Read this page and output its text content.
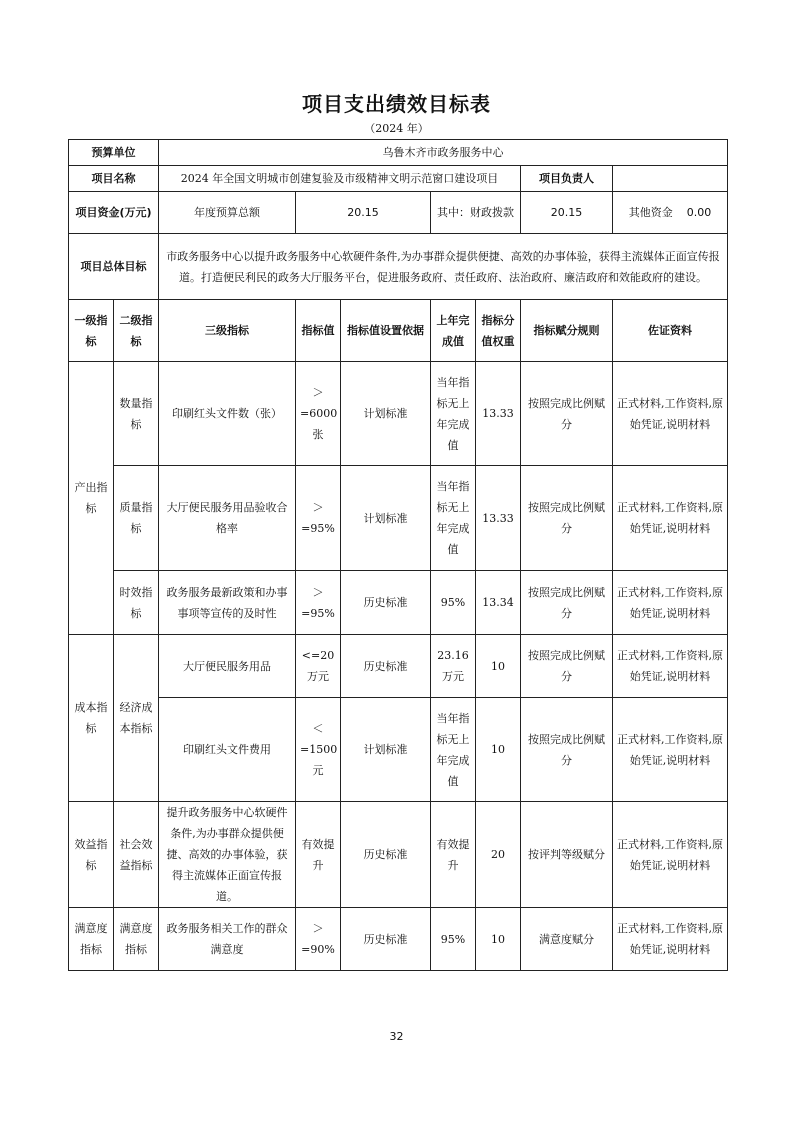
项目支出绩效目标表
（2024 年）
预算单位		乌鲁木齐市政务服务中心						
项目名称		2024 年全国文明城市创建复验及市级精神文明示范窗口建设项目					项目负责人	
项目资金(万元)		年度预算总额	20.15		其中：财政拨款		20.15	其他资金 0.00
项目总体目标		市政务服务中心以提升政务服务中心软硬件条件,为办事群众提供便捷、高效的办事体验，获得主流媒体正面宣传报道。打造便民利民的政务大厅服务平台，促进服务政府、责任政府、法治政府、廉洁政府和效能政府的建设。						
一级指标	二级指标	三级指标	指标值	指标值设置依据	上年完成值	指标分值权重	指标赋分规则	佐证资料
产出指标	数量指标	印刷红头文件数（张）	＞=6000张	计划标准	当年指标无上年完成值	13.33	按照完成比例赋分	正式材料,工作资料,原始凭证,说明材料
	质量指标	大厅便民服务用品验收合格率	＞=95%	计划标准	当年指标无上年完成值	13.33	按照完成比例赋分	正式材料,工作资料,原始凭证,说明材料
	时效指标	政务服务最新政策和办事事项等宣传的及时性	＞=95%	历史标准	95%	13.34	按照完成比例赋分	正式材料,工作资料,原始凭证,说明材料
成本指标	经济成本指标	大厅便民服务用品	<=20万元	历史标准	23.16万元	10	按照完成比例赋分	正式材料,工作资料,原始凭证,说明材料
		印刷红头文件费用	＜=1500元	计划标准	当年指标无上年完成值	10	按照完成比例赋分	正式材料,工作资料,原始凭证,说明材料
效益指标	社会效益指标	提升政务服务中心软硬件条件,为办事群众提供便捷、高效的办事体验，获得主流媒体正面宣传报道。	有效提升	历史标准	有效提升	20	按评判等级赋分	正式材料,工作资料,原始凭证,说明材料
满意度指标	满意度指标	政务服务相关工作的群众满意度	＞=90%	历史标准	95%	10	满意度赋分	正式材料,工作资料,原始凭证,说明材料
32
